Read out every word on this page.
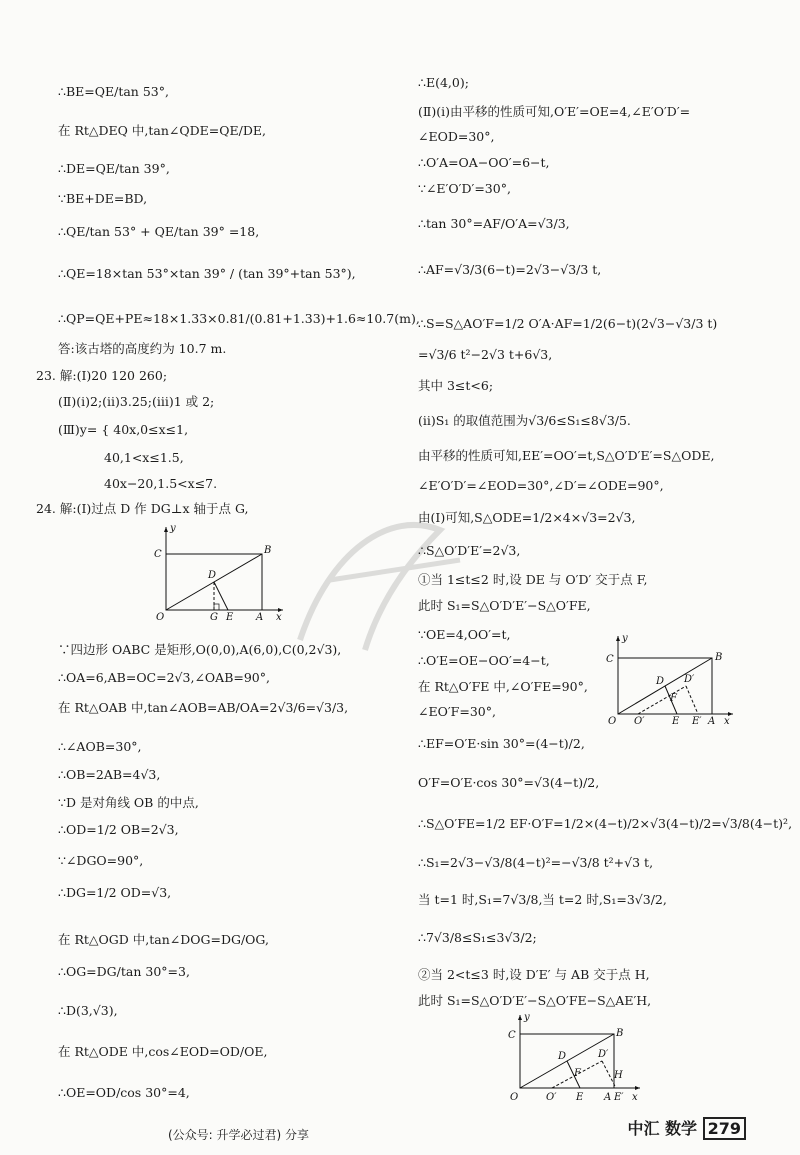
∴BE=QE/tan 53°,
在 Rt△DEQ 中,tan∠QDE=QE/DE,
∴DE=QE/tan 39°,
∵BE+DE=BD,
∴QE/tan 53° + QE/tan 39° =18,
∴QE=18×tan 53°×tan 39° / (tan 39°+tan 53°),
∴QP=QE+PE≈18×1.33×0.81/(0.81+1.33)+1.6≈10.7(m),
答:该古塔的高度约为 10.7 m.
23. 解:(Ⅰ)20 120 260;
(Ⅱ)(ⅰ)2;(ⅱ)3.25;(ⅲ)1 或 2;
(Ⅲ)y= { 40x,0≤x≤1,
40,1<x≤1.5,
40x−20,1.5<x≤7.
24. 解:(Ⅰ)过点 D 作 DG⊥x 轴于点 G,
∵四边形 OABC 是矩形,O(0,0),A(6,0),C(0,2√3),
∴OA=6,AB=OC=2√3,∠OAB=90°,
在 Rt△OAB 中,tan∠AOB=AB/OA=2√3/6=√3/3,
∴∠AOB=30°,
∴OB=2AB=4√3,
∵D 是对角线 OB 的中点,
∴OD=1/2 OB=2√3,
∵∠DGO=90°,
∴DG=1/2 OD=√3,
在 Rt△OGD 中,tan∠DOG=DG/OG,
∴OG=DG/tan 30°=3,
∴D(3,√3),
在 Rt△ODE 中,cos∠EOD=OD/OE,
∴OE=OD/cos 30°=4,
∴E(4,0);
(Ⅱ)(ⅰ)由平移的性质可知,O′E′=OE=4,∠E′O′D′=
∠EOD=30°,
∴O′A=OA−OO′=6−t,
∵∠E′O′D′=30°,
∴tan 30°=AF/O′A=√3/3,
∴AF=√3/3(6−t)=2√3−√3/3 t,
∴S=S△AO′F=1/2 O′A·AF=1/2(6−t)(2√3−√3/3 t)
=√3/6 t²−2√3 t+6√3,
其中 3≤t<6;
(ⅱ)S₁ 的取值范围为√3/6≤S₁≤8√3/5.
由平移的性质可知,EE′=OO′=t,S△O′D′E′=S△ODE,
∠E′O′D′=∠EOD=30°,∠D′=∠ODE=90°,
由(Ⅰ)可知,S△ODE=1/2×4×√3=2√3,
∴S△O′D′E′=2√3,
①当 1≤t≤2 时,设 DE 与 O′D′ 交于点 F,
此时 S₁=S△O′D′E′−S△O′FE,
∵OE=4,OO′=t,
∴O′E=OE−OO′=4−t,
在 Rt△O′FE 中,∠O′FE=90°,
∠EO′F=30°,
∴EF=O′E·sin 30°=(4−t)/2,
O′F=O′E·cos 30°=√3(4−t)/2,
∴S△O′FE=1/2 EF·O′F=1/2×(4−t)/2×√3(4−t)/2=√3/8(4−t)²,
∴S₁=2√3−√3/8(4−t)²=−√3/8 t²+√3 t,
当 t=1 时,S₁=7√3/8,当 t=2 时,S₁=3√3/2,
∴7√3/8≤S₁≤3√3/2;
②当 2<t≤3 时,设 D′E′ 与 AB 交于点 H,
此时 S₁=S△O′D′E′−S△O′FE−S△AE′H,
y
C	B
D
O	G E A x
y
C	B
D D′
F
O O′	E E′ A x
y
C	B
D	D′
F	H
O	O′ E A E′ x
(公众号: 升学必过君) 分享	中汇 数学 279
